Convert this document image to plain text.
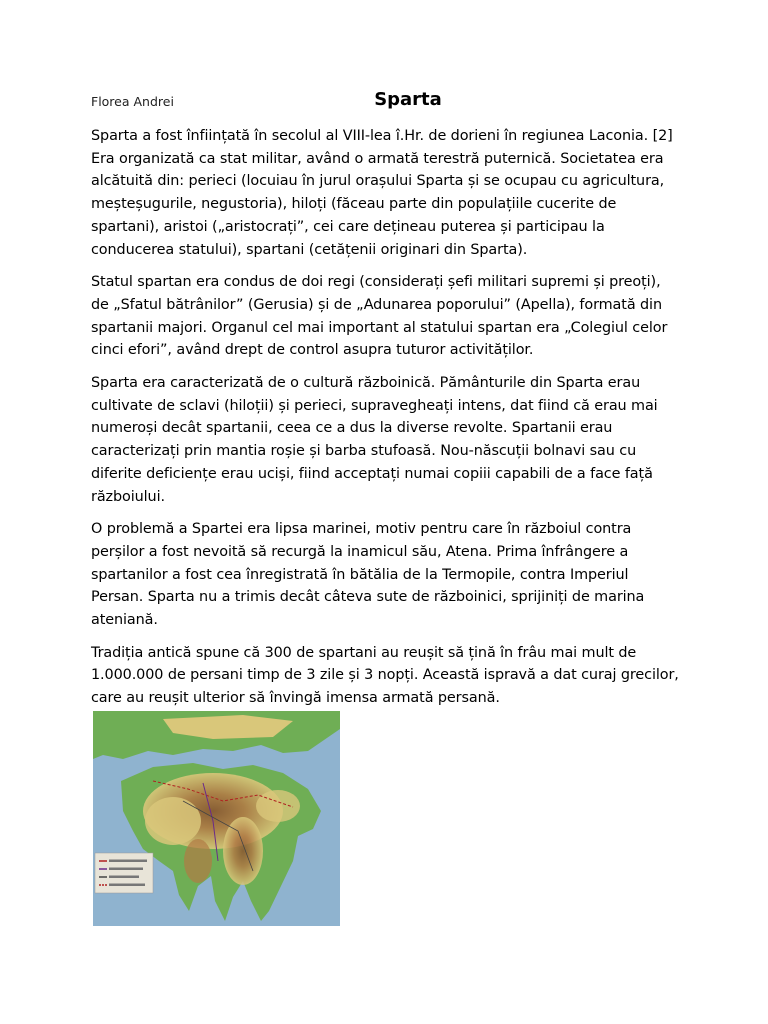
Florea Andrei	Sparta

Sparta a fost înființată în secolul al VIII-lea î.Hr. de dorieni în regiunea Laconia. [2] Era organizată ca stat militar, având o armată terestră puternică. Societatea era alcătuită din: perieci (locuiau în jurul orașului Sparta și se ocupau cu agricultura, meșteșugurile, negustoria), hiloți (făceau parte din populațiile cucerite de spartani), aristoi („aristocrați”, cei care dețineau puterea și participau la conducerea statului), spartani (cetățenii originari din Sparta).

Statul spartan era condus de doi regi (considerați șefi militari supremi și preoți), de „Sfatul bătrânilor” (Gerusia) și de „Adunarea poporului” (Apella), formată din spartanii majori. Organul cel mai important al statului spartan era „Colegiul celor cinci efori”, având drept de control asupra tuturor activităților.

Sparta era caracterizată de o cultură războinică. Pământurile din Sparta erau cultivate de sclavi (hiloții) și perieci, supravegheați intens, dat fiind că erau mai numeroși decât spartanii, ceea ce a dus la diverse revolte. Spartanii erau caracterizați prin mantia roșie și barba stufoasă. Nou-născuții bolnavi sau cu diferite deficiențe erau uciși, fiind acceptați numai copiii capabili de a face față războiului.

O problemă a Spartei era lipsa marinei, motiv pentru care în războiul contra perșilor a fost nevoită să recurgă la inamicul său, Atena. Prima înfrângere a spartanilor a fost cea înregistrată în bătălia de la Termopile, contra Imperiul Persan. Sparta nu a trimis decât câteva sute de războinici, sprijiniți de marina ateniană.

Tradiția antică spune că 300 de spartani au reușit să țină în frâu mai mult de 1.000.000 de persani timp de 3 zile și 3 nopți. Această ispravă a dat curaj grecilor, care au reușit ulterior să învingă imensa armată persană.
